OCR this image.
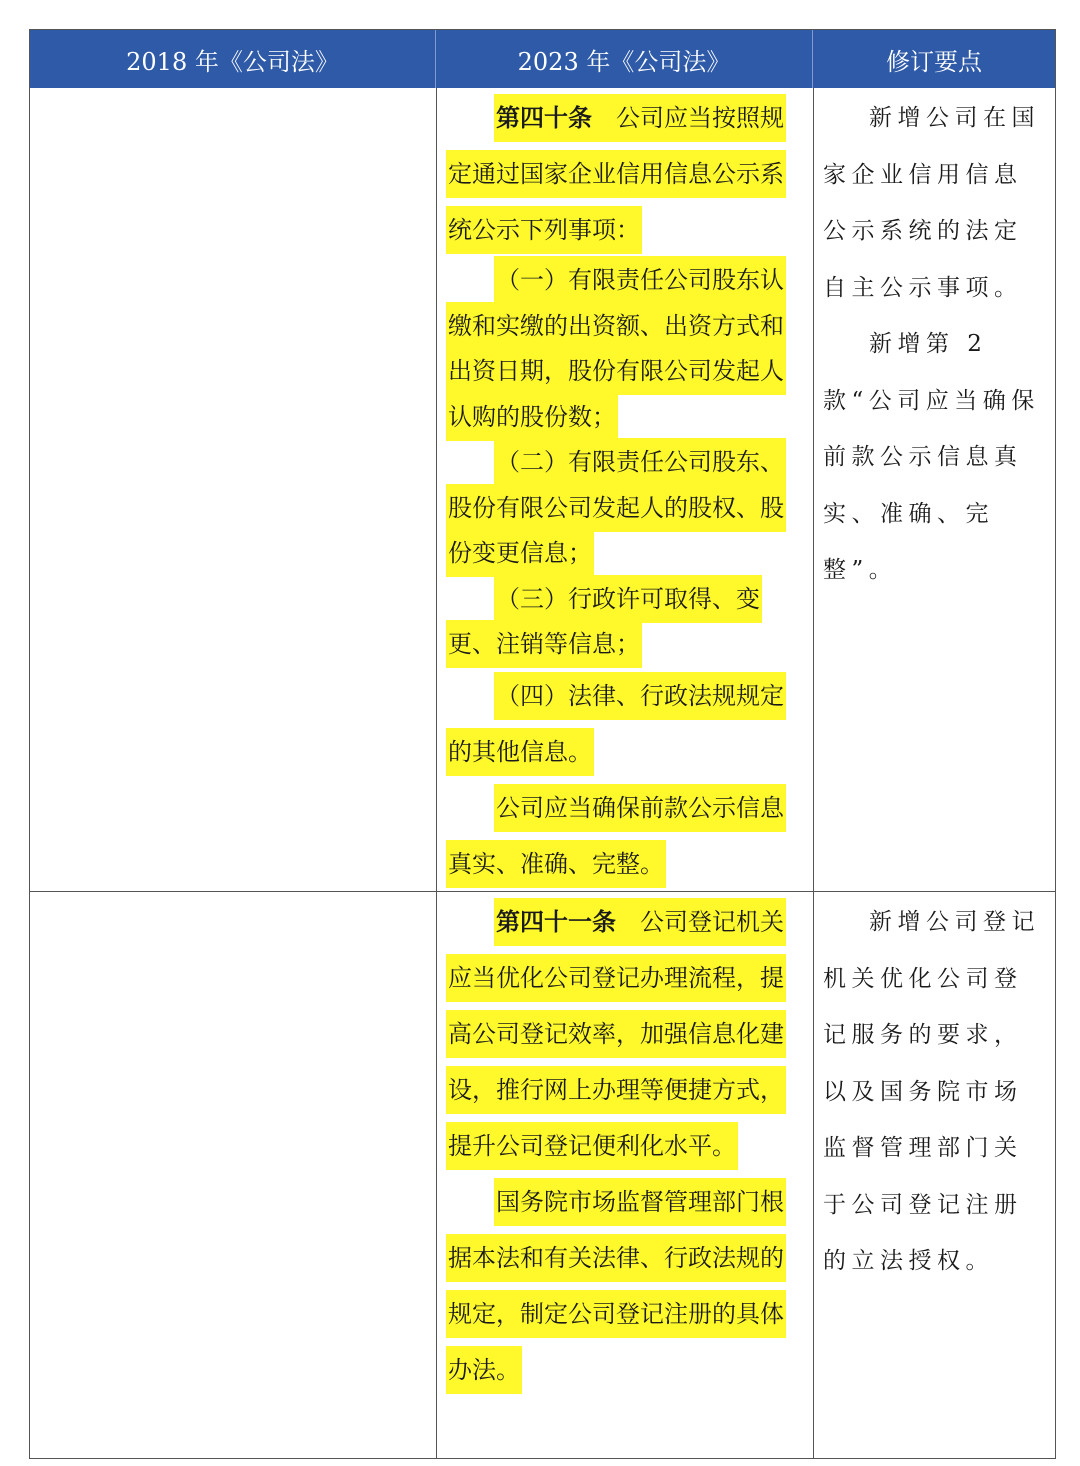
2018 年《公司法》	2023 年《公司法》	修订要点

第四十条 公司应当按照规定通过国家企业信用信息公示系统公示下列事项：

（一）有限责任公司股东认缴和实缴的出资额、出资方式和出资日期，股份有限公司发起人认购的股份数；

（二）有限责任公司股东、股份有限公司发起人的股权、股份变更信息；

（三）行政许可取得、变更、注销等信息；

（四）法律、行政法规规定的其他信息。

公司应当确保前款公示信息真实、准确、完整。

新增公司在国家企业信用信息公示系统的法定自主公示事项。

新增第 2 款“公司应当确保前款公示信息真实、准确、完整”。

第四十一条 公司登记机关应当优化公司登记办理流程，提高公司登记效率，加强信息化建设，推行网上办理等便捷方式，提升公司登记便利化水平。

国务院市场监督管理部门根据本法和有关法律、行政法规的规定，制定公司登记注册的具体办法。

新增公司登记机关优化公司登记服务的要求，以及国务院市场监督管理部门关于公司登记注册的立法授权。
